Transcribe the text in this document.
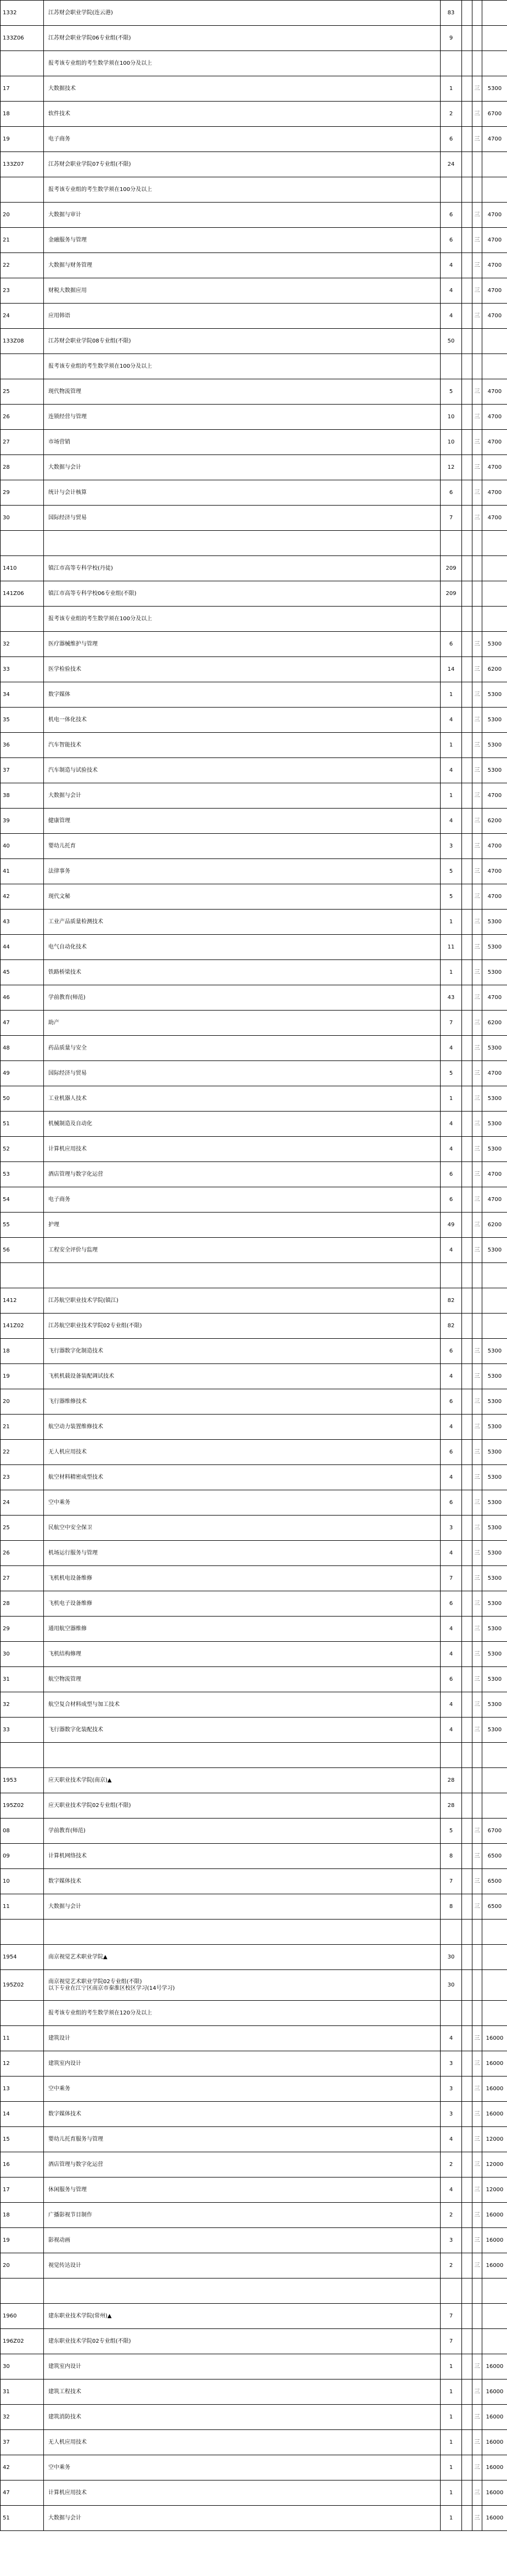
1332	江苏财会职业学院(连云港)	83			
133Z06	江苏财会职业学院06专业组(不限)	9			
	报考该专业组的考生数学须在100分及以上				
17	大数据技术	1		三	5300
18	软件技术	2		三	6700
19	电子商务	6		三	4700
133Z07	江苏财会职业学院07专业组(不限)	24			
	报考该专业组的考生数学须在100分及以上				
20	大数据与审计	6		三	4700
21	金融服务与管理	6		三	4700
22	大数据与财务管理	4		三	4700
23	财税大数据应用	4		三	4700
24	应用韩语	4		三	4700
133Z08	江苏财会职业学院08专业组(不限)	50			
	报考该专业组的考生数学须在100分及以上				
25	现代物流管理	5		三	4700
26	连锁经营与管理	10		三	4700
27	市场营销	10		三	4700
28	大数据与会计	12		三	4700
29	统计与会计核算	6		三	4700
30	国际经济与贸易	7		三	4700

1410	镇江市高等专科学校(丹徒)	209			
141Z06	镇江市高等专科学校06专业组(不限)	209			
	报考该专业组的考生数学须在100分及以上				
32	医疗器械维护与管理	6		三	5300
33	医学检验技术	14		三	6200
34	数字媒体	1		三	5300
35	机电一体化技术	4		三	5300
36	汽车智能技术	1		三	5300
37	汽车制造与试验技术	4		三	5300
38	大数据与会计	1		三	4700
39	健康管理	4		三	6200
40	婴幼儿托育	3		三	4700
41	法律事务	5		三	4700
42	现代文秘	5		三	4700
43	工业产品质量检测技术	1		三	5300
44	电气自动化技术	11		三	5300
45	铁路桥梁技术	1		三	5300
46	学前教育(师范)	43		三	4700
47	助产	7		三	6200
48	药品质量与安全	4		三	5300
49	国际经济与贸易	5		三	4700
50	工业机器人技术	1		三	5300
51	机械制造及自动化	4		三	5300
52	计算机应用技术	4		三	5300
53	酒店管理与数字化运营	6		三	4700
54	电子商务	6		三	4700
55	护理	49		三	6200
56	工程安全评价与监理	4		三	5300

1412	江苏航空职业技术学院(镇江)	82			
141Z02	江苏航空职业技术学院02专业组(不限)	82			
18	飞行器数字化制造技术	6		三	5300
19	飞机机载设备装配调试技术	4		三	5300
20	飞行器维修技术	6		三	5300
21	航空动力装置维修技术	4		三	5300
22	无人机应用技术	6		三	5300
23	航空材料精密成型技术	4		三	5300
24	空中乘务	6		三	5300
25	民航空中安全保卫	3		三	5300
26	机场运行服务与管理	4		三	5300
27	飞机机电设备维修	7		三	5300
28	飞机电子设备维修	6		三	5300
29	通用航空器维修	4		三	5300
30	飞机结构修理	4		三	5300
31	航空物流管理	6		三	5300
32	航空复合材料成型与加工技术	4		三	5300
33	飞行器数字化装配技术	4		三	5300

1953	应天职业技术学院(南京)▲	28			
195Z02	应天职业技术学院02专业组(不限)	28			
08	学前教育(师范)	5		三	6700
09	计算机网络技术	8		三	6500
10	数字媒体技术	7		三	6500
11	大数据与会计	8		三	6500

1954	南京视觉艺术职业学院▲	30			
195Z02	南京视觉艺术职业学院02专业组(不限)
以下专业在江宁区南京市秦淮区校区学习(14号学习)	30			
	报考该专业组的考生数学须在120分及以上				
11	建筑设计	4		三	16000
12	建筑室内设计	3		三	16000
13	空中乘务	3		三	16000
14	数字媒体技术	3		三	16000
15	婴幼儿托育服务与管理	4		三	12000
16	酒店管理与数字化运营	2		三	12000
17	休闲服务与管理	4		三	12000
18	广播影视节目制作	2		三	16000
19	影视动画	3		三	16000
20	视觉传达设计	2		三	16000

1960	建东职业技术学院(常州)▲	7			
196Z02	建东职业技术学院02专业组(不限)	7			
30	建筑室内设计	1		三	16000
31	建筑工程技术	1		三	16000
32	建筑消防技术	1		三	16000
37	无人机应用技术	1		三	16000
42	空中乘务	1		三	16000
47	计算机应用技术	1		三	16000
51	大数据与会计	1		三	16000
